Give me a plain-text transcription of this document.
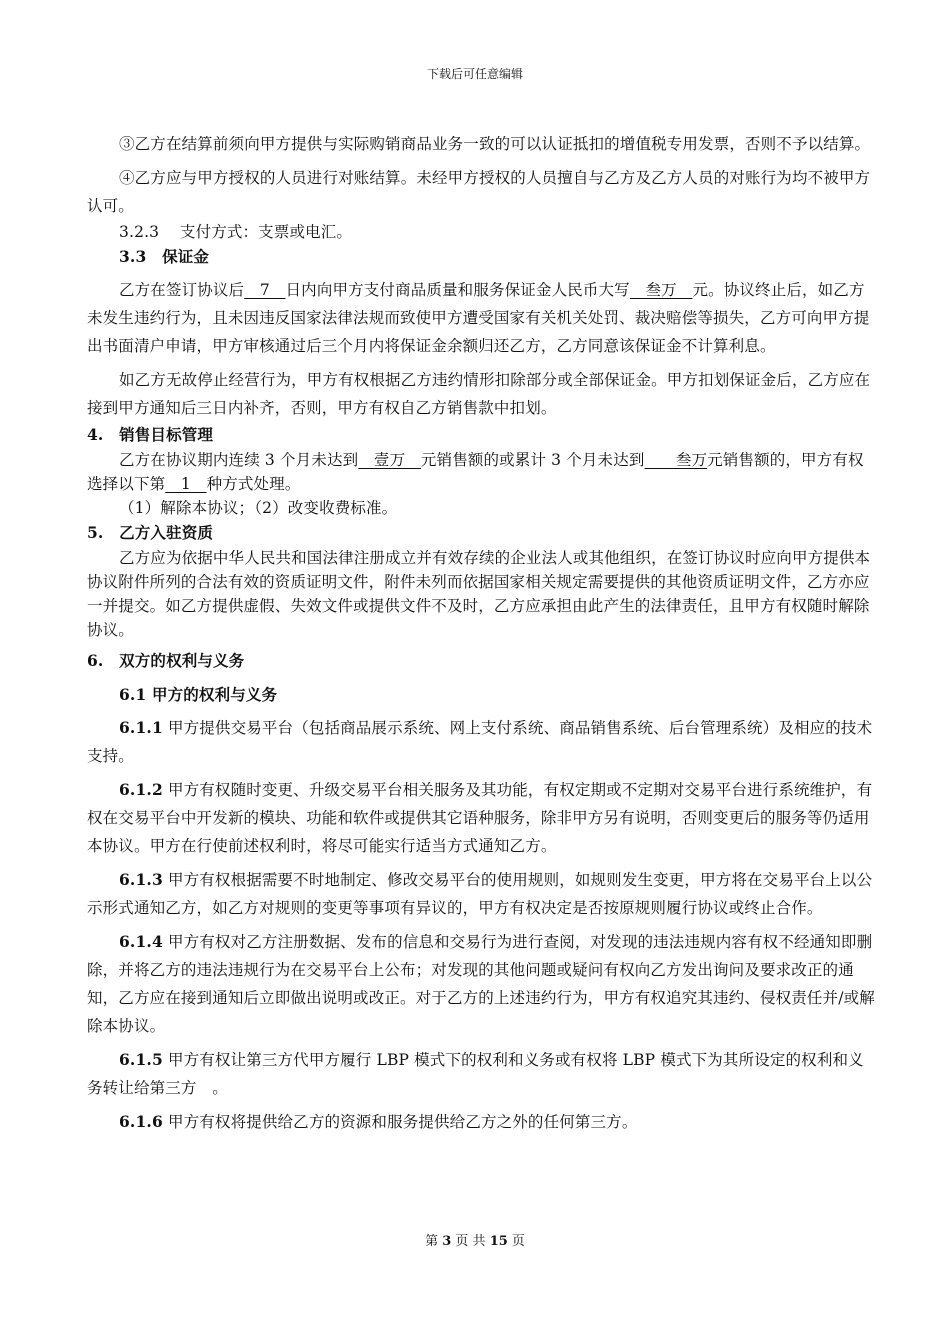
下载后可任意编辑

③乙方在结算前须向甲方提供与实际购销商品业务一致的可以认证抵扣的增值税专用发票，否则不予以结算。

④乙方应与甲方授权的人员进行对账结算。未经甲方授权的人员擅自与乙方及乙方人员的对账行为均不被甲方认可。

3.2.3　 支付方式：支票或电汇。

3.3　保证金

乙方在签订协议后　7　日内向甲方支付商品质量和服务保证金人民币大写　叁万　元。协议终止后，如乙方未发生违约行为，且未因违反国家法律法规而致使甲方遭受国家有关机关处罚、裁决赔偿等损失，乙方可向甲方提出书面清户申请，甲方审核通过后三个月内将保证金余额归还乙方，乙方同意该保证金不计算利息。

如乙方无故停止经营行为，甲方有权根据乙方违约情形扣除部分或全部保证金。甲方扣划保证金后，乙方应在接到甲方通知后三日内补齐，否则，甲方有权自乙方销售款中扣划。

4.　销售目标管理

乙方在协议期内连续 3 个月未达到　壹万　元销售额的或累计 3 个月未达到　　叁万元销售额的，甲方有权选择以下第　1　种方式处理。

（1）解除本协议；（2）改变收费标准。

5.　乙方入驻资质

乙方应为依据中华人民共和国法律注册成立并有效存续的企业法人或其他组织，在签订协议时应向甲方提供本协议附件所列的合法有效的资质证明文件，附件未列而依据国家相关规定需要提供的其他资质证明文件，乙方亦应一并提交。如乙方提供虚假、失效文件或提供文件不及时，乙方应承担由此产生的法律责任，且甲方有权随时解除协议。

6.　双方的权利与义务

6.1 甲方的权利与义务

6.1.1 甲方提供交易平台（包括商品展示系统、网上支付系统、商品销售系统、后台管理系统）及相应的技术支持。

6.1.2 甲方有权随时变更、升级交易平台相关服务及其功能，有权定期或不定期对交易平台进行系统维护，有权在交易平台中开发新的模块、功能和软件或提供其它语种服务，除非甲方另有说明，否则变更后的服务等仍适用本协议。甲方在行使前述权利时，将尽可能实行适当方式通知乙方。

6.1.3 甲方有权根据需要不时地制定、修改交易平台的使用规则，如规则发生变更，甲方将在交易平台上以公示形式通知乙方，如乙方对规则的变更等事项有异议的，甲方有权决定是否按原规则履行协议或终止合作。

6.1.4 甲方有权对乙方注册数据、发布的信息和交易行为进行查阅，对发现的违法违规内容有权不经通知即删除，并将乙方的违法违规行为在交易平台上公布；对发现的其他问题或疑问有权向乙方发出询问及要求改正的通知，乙方应在接到通知后立即做出说明或改正。对于乙方的上述违约行为，甲方有权追究其违约、侵权责任并/或解除本协议。

6.1.5 甲方有权让第三方代甲方履行 LBP 模式下的权利和义务或有权将 LBP 模式下为其所设定的权利和义务转让给第三方　。

6.1.6 甲方有权将提供给乙方的资源和服务提供给乙方之外的任何第三方。

第 3 页 共 15 页
